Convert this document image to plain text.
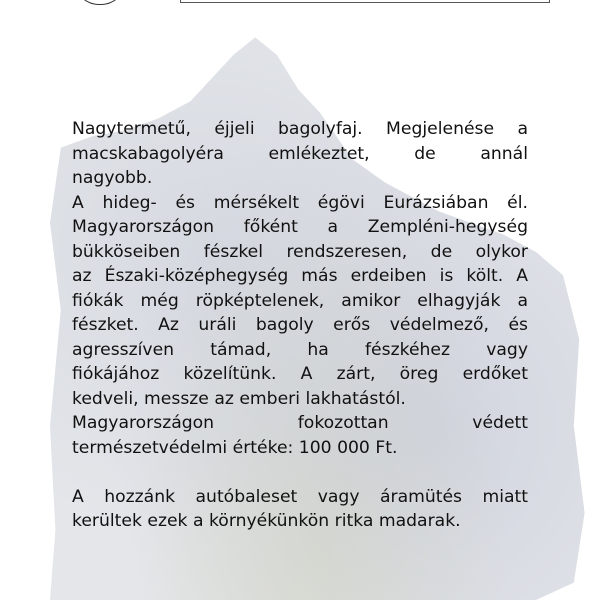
Nagytermetű, éjjeli bagolyfaj. Megjelenése a
macskabagolyéra emlékeztet, de annál
nagyobb.
A hideg- és mérsékelt égövi Eurázsiában él.
Magyarországon főként a Zempléni-hegység
bükköseiben fészkel rendszeresen, de olykor
az Északi-középhegység más erdeiben is költ. A
fiókák még röpképtelenek, amikor elhagyják a
fészket. Az uráli bagoly erős védelmező, és
agresszíven támad, ha fészkéhez vagy
fiókájához közelítünk. A zárt, öreg erdőket
kedveli, messze az emberi lakhatástól.
Magyarországon fokozottan védett
természetvédelmi értéke: 100 000 Ft.
A hozzánk autóbaleset vagy áramütés miatt
kerültek ezek a környékünkön ritka madarak.
